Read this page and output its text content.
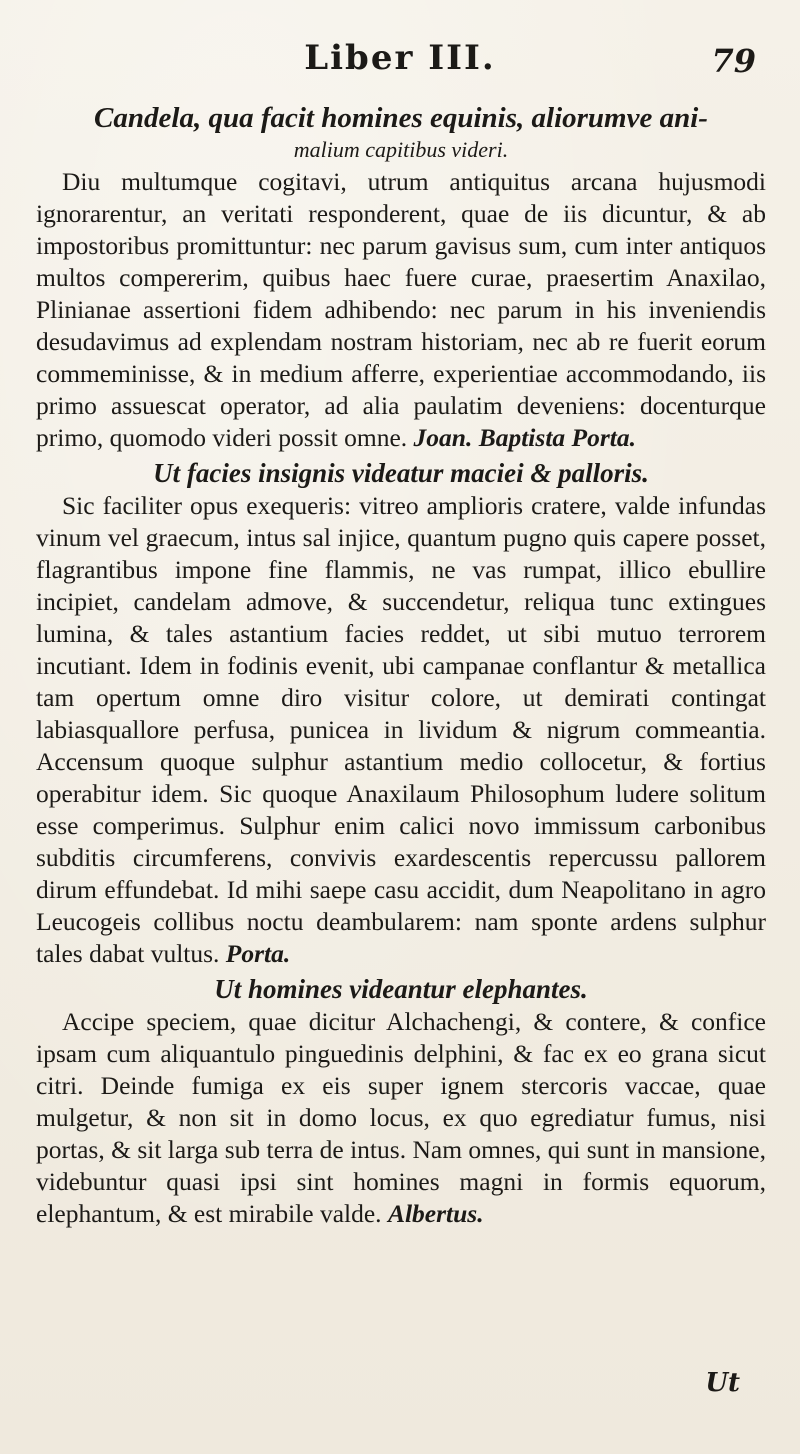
Liber III.	79
Candela, qua facit homines equinis, aliorumve ani-
malium capitibus videri.

Diu multumque cogitavi, utrum antiquitus arcana hujusmodi ignorarentur, an veritati responderent, quae de iis dicuntur, & ab impostoribus promittuntur: nec parum gavisus sum, cum inter antiquos multos compererim, quibus haec fuere curae, praesertim Anaxilao, Plinianae assertioni fidem adhibendo: nec parum in his inveniendis desudavimus ad explendam nostram historiam, nec ab re fuerit eorum commeminisse, & in medium afferre, experientiae accommodando, iis primo assuescat operator, ad alia paulatim deveniens: docenturque primo, quomodo videri possit omne. Joan. Baptista Porta.

Ut facies insignis videatur maciei & palloris.

Sic faciliter opus exequeris: vitreo amplioris cratere, valde infundas vinum vel graecum, intus sal injice, quantum pugno quis capere posset, flagrantibus impone fine flammis, ne vas rumpat, illico ebullire incipiet, candelam admove, & succendetur, reliqua tunc extingues lumina, & tales astantium facies reddet, ut sibi mutuo terrorem incutiant. Idem in fodinis evenit, ubi campanae conflantur & metallica tam opertum omne diro visitur colore, ut demirati contingat labiasquallore perfusa, punicea in lividum & nigrum commeantia. Accensum quoque sulphur astantium medio collocetur, & fortius operabitur idem. Sic quoque Anaxilaum Philosophum ludere solitum esse comperimus. Sulphur enim calici novo immissum carbonibus subditis circumferens, convivis exardescentis repercussu pallorem dirum effundebat. Id mihi saepe casu accidit, dum Neapolitano in agro Leucogeis collibus noctu deambularem: nam sponte ardens sulphur tales dabat vultus. Porta.

Ut homines videantur elephantes.

Accipe speciem, quae dicitur Alchachengi, & contere, & confice ipsam cum aliquantulo pinguedinis delphini, & fac ex eo grana sicut citri. Deinde fumiga ex eis super ignem stercoris vaccae, quae mulgetur, & non sit in domo locus, ex quo egrediatur fumus, nisi portas, & sit larga sub terra de intus. Nam omnes, qui sunt in mansione, videbuntur quasi ipsi sint homines magni in formis equorum, elephantum, & est mirabile valde. Albertus.

Ut
